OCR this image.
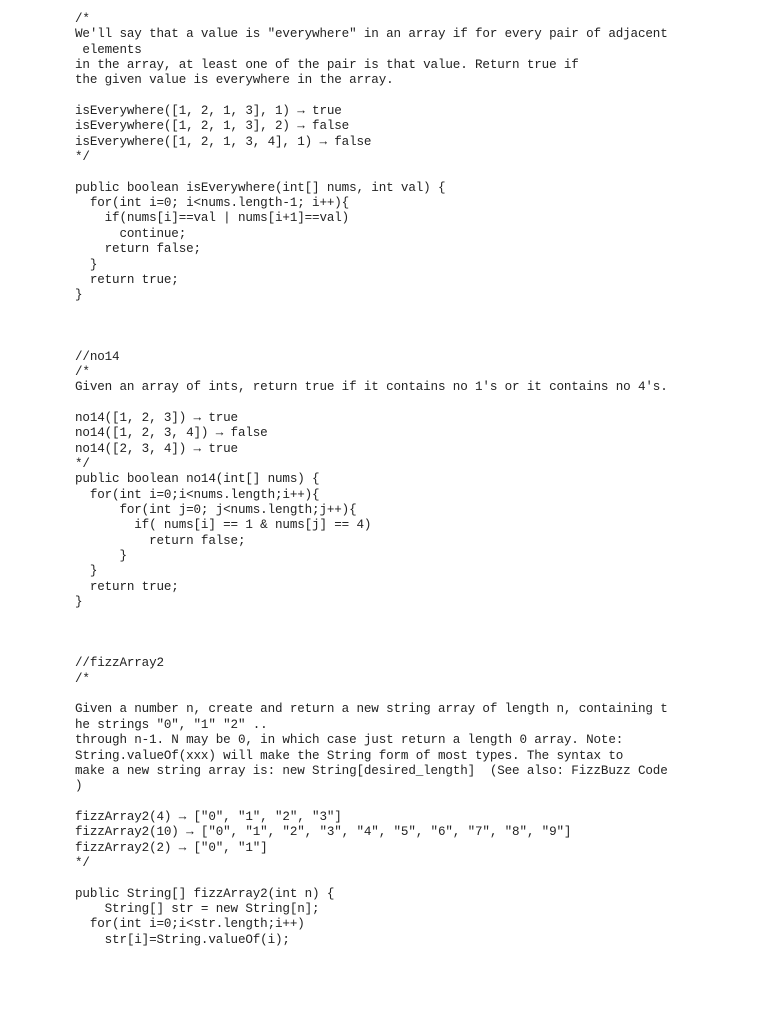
/*
We'll say that a value is "everywhere" in an array if for every pair of adjacent
elements
in the array, at least one of the pair is that value. Return true if
the given value is everywhere in the array.
isEverywhere([1, 2, 1, 3], 1) → true
isEverywhere([1, 2, 1, 3], 2) → false
isEverywhere([1, 2, 1, 3, 4], 1) → false
*/
public boolean isEverywhere(int[] nums, int val) {
for(int i=0; i<nums.length-1; i++){
if(nums[i]==val | nums[i+1]==val)
continue;
return false;
}
return true;
}
//no14
/*
Given an array of ints, return true if it contains no 1's or it contains no 4's.
no14([1, 2, 3]) → true
no14([1, 2, 3, 4]) → false
no14([2, 3, 4]) → true
*/
public boolean no14(int[] nums) {
for(int i=0;i<nums.length;i++){
for(int j=0; j<nums.length;j++){
if( nums[i] == 1 & nums[j] == 4)
return false;
}
}
return true;
}
//fizzArray2
/*
Given a number n, create and return a new string array of length n, containing t
he strings "0", "1" "2" ..
through n-1. N may be 0, in which case just return a length 0 array. Note:
String.valueOf(xxx) will make the String form of most types. The syntax to
make a new string array is: new String[desired_length]  (See also: FizzBuzz Code
)
fizzArray2(4) → ["0", "1", "2", "3"]
fizzArray2(10) → ["0", "1", "2", "3", "4", "5", "6", "7", "8", "9"]
fizzArray2(2) → ["0", "1"]
*/
public String[] fizzArray2(int n) {
String[] str = new String[n];
for(int i=0;i<str.length;i++)
str[i]=String.valueOf(i);
